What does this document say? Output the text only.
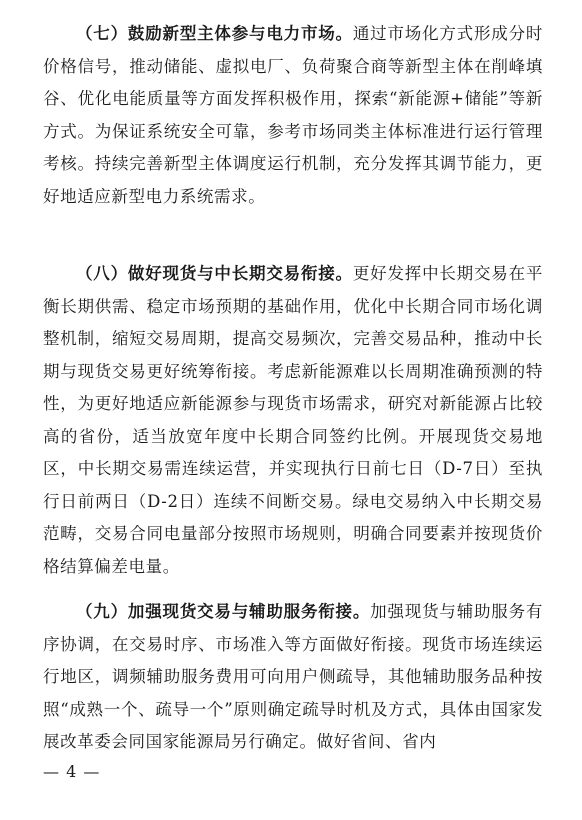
（七）鼓励新型主体参与电力市场。通过市场化方式形成分时价格信号，推动储能、虚拟电厂、负荷聚合商等新型主体在削峰填谷、优化电能质量等方面发挥积极作用，探索“新能源+储能”等新方式。为保证系统安全可靠，参考市场同类主体标准进行运行管理考核。持续完善新型主体调度运行机制，充分发挥其调节能力，更好地适应新型电力系统需求。

（八）做好现货与中长期交易衔接。更好发挥中长期交易在平衡长期供需、稳定市场预期的基础作用，优化中长期合同市场化调整机制，缩短交易周期，提高交易频次，完善交易品种，推动中长期与现货交易更好统筹衔接。考虑新能源难以长周期准确预测的特性，为更好地适应新能源参与现货市场需求，研究对新能源占比较高的省份，适当放宽年度中长期合同签约比例。开展现货交易地区，中长期交易需连续运营，并实现执行日前七日（D-7日）至执行日前两日（D-2日）连续不间断交易。绿电交易纳入中长期交易范畴，交易合同电量部分按照市场规则，明确合同要素并按现货价格结算偏差电量。

（九）加强现货交易与辅助服务衔接。加强现货与辅助服务有序协调，在交易时序、市场准入等方面做好衔接。现货市场连续运行地区，调频辅助服务费用可向用户侧疏导，其他辅助服务品种按照“成熟一个、疏导一个”原则确定疏导时机及方式，具体由国家发展改革委会同国家能源局另行确定。做好省间、省内

— 4 —
